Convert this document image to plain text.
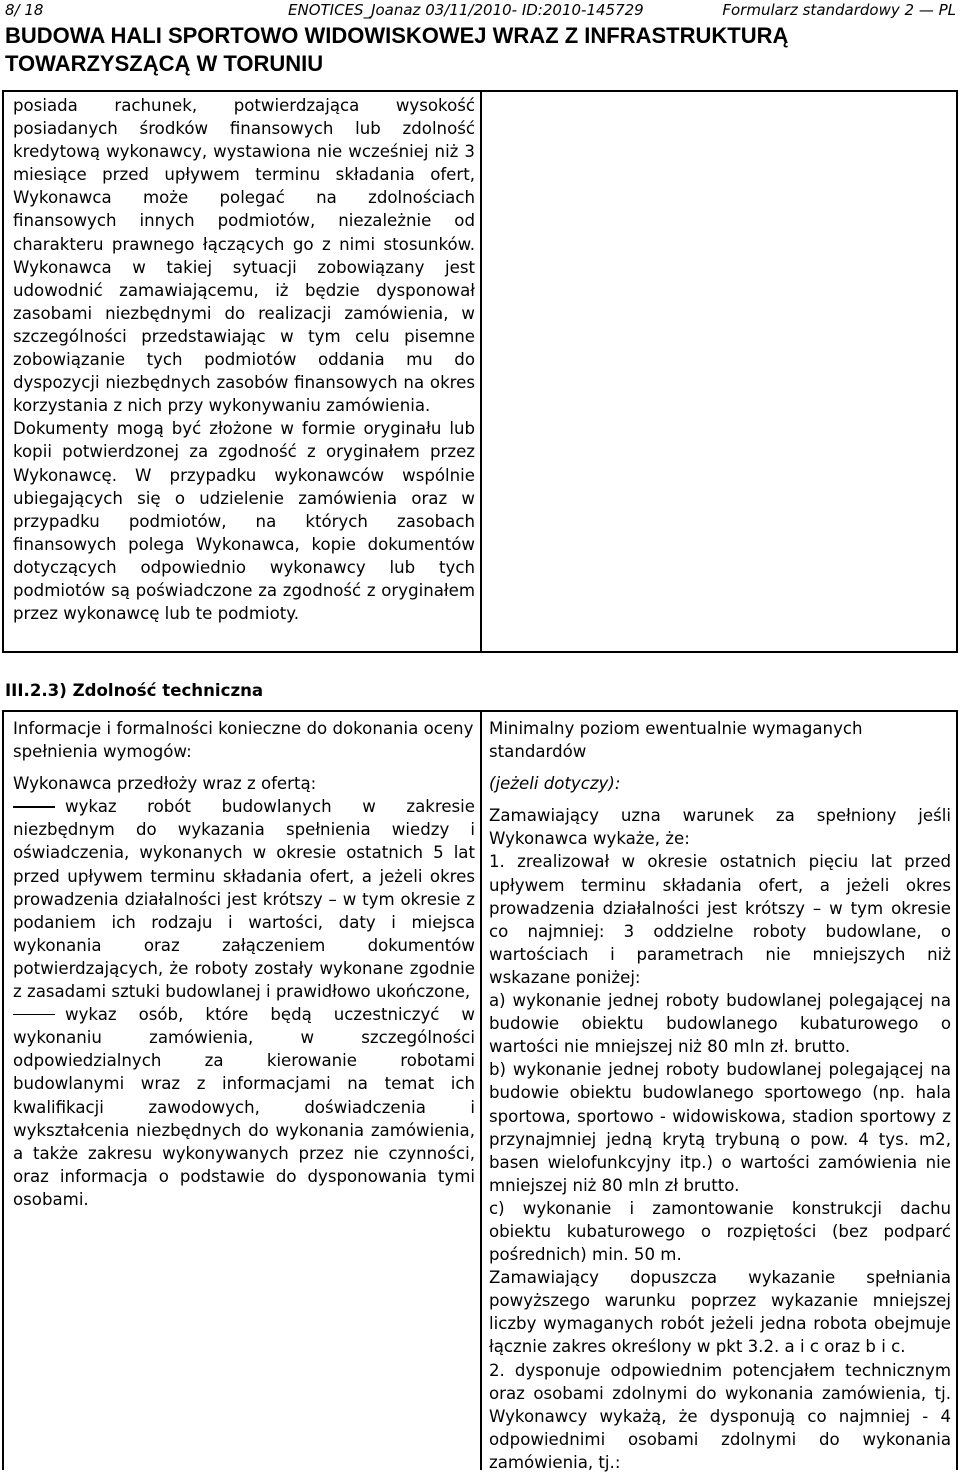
8/ 18	ENOTICES_Joanaz 03/11/2010- ID:2010-145729	Formularz standardowy 2 — PL
BUDOWA HALI SPORTOWO WIDOWISKOWEJ WRAZ Z INFRASTRUKTURĄ
TOWARZYSZĄCĄ W TORUNIU
posiada rachunek, potwierdzająca wysokość posiadanych środków finansowych lub zdolność kredytową wykonawcy, wystawiona nie wcześniej niż 3 miesiące przed upływem terminu składania ofert, Wykonawca może polegać na zdolnościach finansowych innych podmiotów, niezależnie od charakteru prawnego łączących go z nimi stosunków. Wykonawca w takiej sytuacji zobowiązany jest udowodnić zamawiającemu, iż będzie dysponował zasobami niezbędnymi do realizacji zamówienia, w szczególności przedstawiając w tym celu pisemne zobowiązanie tych podmiotów oddania mu do dyspozycji niezbędnych zasobów finansowych na okres korzystania z nich przy wykonywaniu zamówienia.
Dokumenty mogą być złożone w formie oryginału lub kopii potwierdzonej za zgodność z oryginałem przez Wykonawcę. W przypadku wykonawców wspólnie ubiegających się o udzielenie zamówienia oraz w przypadku podmiotów, na których zasobach finansowych polega Wykonawca, kopie dokumentów dotyczących odpowiednio wykonawcy lub tych podmiotów są poświadczone za zgodność z oryginałem przez wykonawcę lub te podmioty.
III.2.3) Zdolność techniczna
Informacje i formalności konieczne do dokonania oceny spełnienia wymogów:
Wykonawca przedłoży wraz z ofertą:
wykaz robót budowlanych w zakresie niezbędnym do wykazania spełnienia wiedzy i oświadczenia, wykonanych w okresie ostatnich 5 lat przed upływem terminu składania ofert, a jeżeli okres prowadzenia działalności jest krótszy – w tym okresie z podaniem ich rodzaju i wartości, daty i miejsca wykonania oraz załączeniem dokumentów potwierdzających, że roboty zostały wykonane zgodnie z zasadami sztuki budowlanej i prawidłowo ukończone,
wykaz osób, które będą uczestniczyć w wykonaniu zamówienia, w szczególności odpowiedzialnych za kierowanie robotami budowlanymi wraz z informacjami na temat ich kwalifikacji zawodowych, doświadczenia i wykształcenia niezbędnych do wykonania zamówienia, a także zakresu wykonywanych przez nie czynności, oraz informacja o podstawie do dysponowania tymi osobami.
Minimalny poziom ewentualnie wymaganych standardów
(jeżeli dotyczy):
Zamawiający uzna warunek za spełniony jeśli Wykonawca wykaże, że:
1. zrealizował w okresie ostatnich pięciu lat przed upływem terminu składania ofert, a jeżeli okres prowadzenia działalności jest krótszy – w tym okresie co najmniej: 3 oddzielne roboty budowlane, o wartościach i parametrach nie mniejszych niż wskazane poniżej:
a) wykonanie jednej roboty budowlanej polegającej na budowie obiektu budowlanego kubaturowego o wartości nie mniejszej niż 80 mln zł. brutto.
b) wykonanie jednej roboty budowlanej polegającej na budowie obiektu budowlanego sportowego (np. hala sportowa, sportowo - widowiskowa, stadion sportowy z przynajmniej jedną krytą trybuną o pow. 4 tys. m2, basen wielofunkcyjny itp.) o wartości zamówienia nie mniejszej niż 80 mln zł brutto.
c) wykonanie i zamontowanie konstrukcji dachu obiektu kubaturowego o rozpiętości (bez podparć pośrednich) min. 50 m.
Zamawiający dopuszcza wykazanie spełniania powyższego warunku poprzez wykazanie mniejszej liczby wymaganych robót jeżeli jedna robota obejmuje łącznie zakres określony w pkt 3.2. a i c oraz b i c.
2. dysponuje odpowiednim potencjałem technicznym oraz osobami zdolnymi do wykonania zamówienia, tj. Wykonawcy wykażą, że dysponują co najmniej - 4 odpowiednimi osobami zdolnymi do wykonania zamówienia, tj.:
